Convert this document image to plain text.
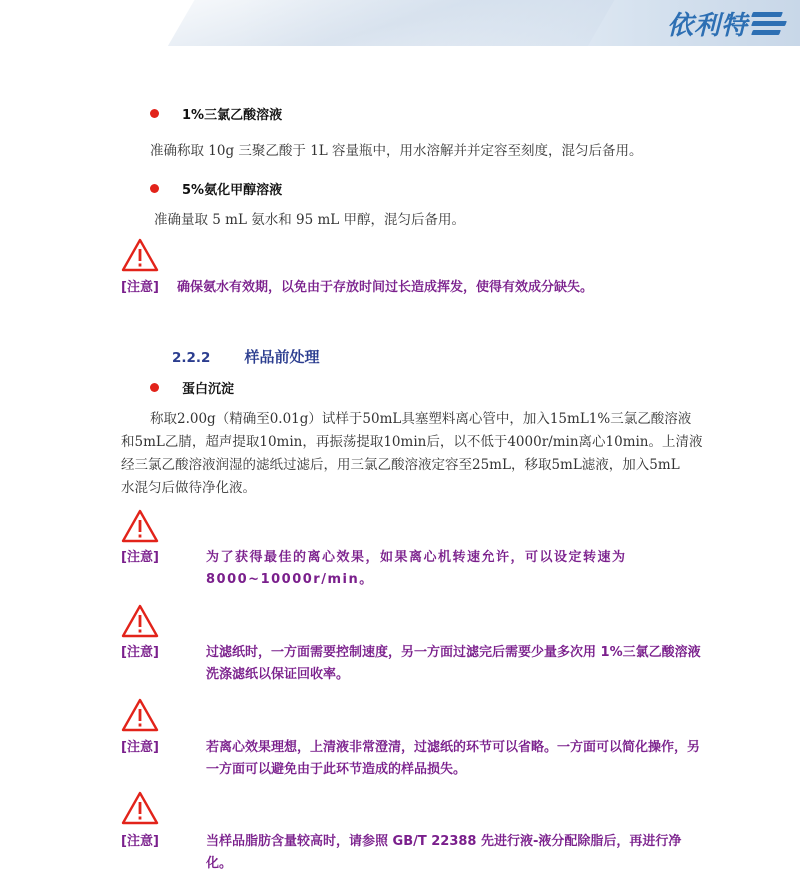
依利特
1%三氯乙酸溶液
准确称取 10g 三聚乙酸于 1L 容量瓶中，用水溶解并并定容至刻度，混匀后备用。
5%氨化甲醇溶液
准确量取 5 mL 氨水和 95 mL 甲醇，混匀后备用。
[注意]	确保氨水有效期，以免由于存放时间过长造成挥发，使得有效成分缺失。
2.2.2 样品前处理
蛋白沉淀
称取2.00g（精确至0.01g）试样于50mL具塞塑料离心管中，加入15mL1%三氯乙酸溶液
和5mL乙腈，超声提取10min，再振荡提取10min后，以不低于4000r/min离心10min。上清液
经三氯乙酸溶液润湿的滤纸过滤后，用三氯乙酸溶液定容至25mL，移取5mL滤液，加入5mL
水混匀后做待净化液。
[注意]	为了获得最佳的离心效果，如果离心机转速允许，可以设定转速为 8000~10000r/min。
[注意]	过滤纸时，一方面需要控制速度，另一方面过滤完后需要少量多次用 1%三氯乙酸溶液洗涤滤纸以保证回收率。
[注意]	若离心效果理想，上清液非常澄清，过滤纸的环节可以省略。一方面可以简化操作，另一方面可以避免由于此环节造成的样品损失。
[注意]	当样品脂肪含量较高时，请参照 GB/T 22388 先进行液-液分配除脂后，再进行净化。
